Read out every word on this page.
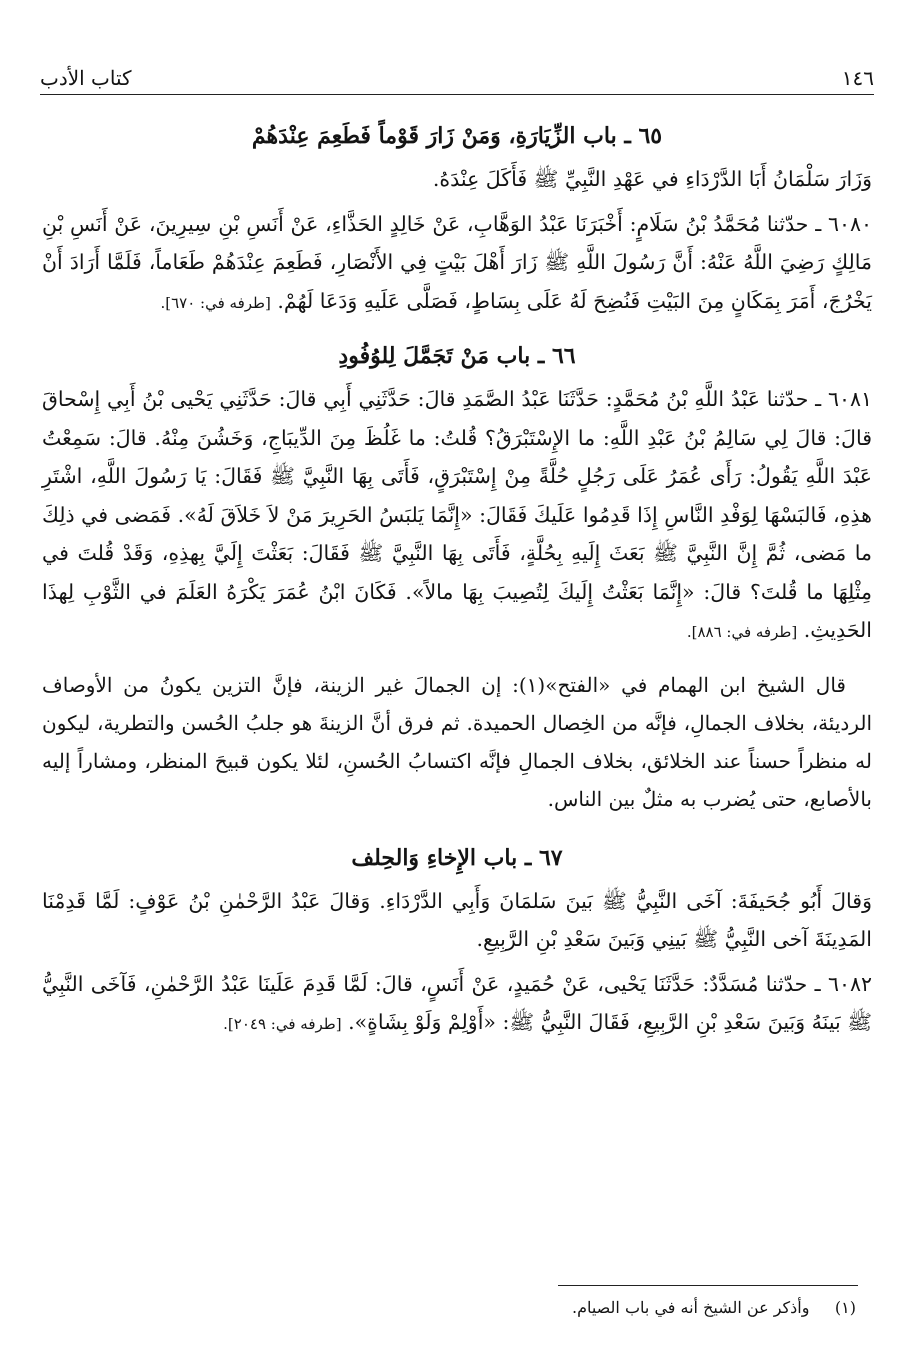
١٤٦
كتاب الأدب
٦٥ ـ باب الزِّيَارَةِ، وَمَنْ زَارَ قَوْماً فَطَعِمَ عِنْدَهُمْ

وَزَارَ سَلْمَانُ أَبَا الدَّرْدَاءِ في عَهْدِ النَّبِيِّ ﷺ فَأَكَلَ عِنْدَهُ.

٦٠٨٠ ـ حدّثنا مُحَمَّدُ بْنُ سَلَامٍ: أَخْبَرَنَا عَبْدُ الوَهَّابِ، عَنْ خَالِدٍ الحَذَّاءِ، عَنْ أَنَسِ بْنِ سِيرِينَ، عَنْ أَنَسِ بْنِ مَالِكٍ رَضِيَ اللَّهُ عَنْهُ: أَنَّ رَسُولَ اللَّهِ ﷺ زَارَ أَهْلَ بَيْتٍ فِي الأَنْصَارِ، فَطَعِمَ عِنْدَهُمْ طَعَاماً، فَلَمَّا أَرَادَ أَنْ يَخْرُجَ، أَمَرَ بِمَكَانٍ مِنَ البَيْتِ فَنُضِحَ لَهُ عَلَى بِسَاطٍ، فَصَلَّى عَلَيهِ وَدَعَا لَهُمْ. [طرفه في: ٦٧٠].

٦٦ ـ باب مَنْ تَجَمَّلَ لِلوُفُودِ

٦٠٨١ ـ حدّثنا عَبْدُ اللَّهِ بْنُ مُحَمَّدٍ: حَدَّثَنَا عَبْدُ الصَّمَدِ قالَ: حَدَّثَنِي أَبِي قالَ: حَدَّثَنِي يَحْيى بْنُ أَبِي إِسْحاقَ قالَ: قالَ لِي سَالِمُ بْنُ عَبْدِ اللَّهِ: ما الإِسْتَبْرَقُ؟ قُلتُ: ما غَلُظَ مِنَ الدِّيبَاجِ، وَخَشُنَ مِنْهُ. قالَ: سَمِعْتُ عَبْدَ اللَّهِ يَقُولُ: رَأَى عُمَرُ عَلَى رَجُلٍ حُلَّةً مِنْ إِسْتَبْرَقٍ، فَأَتَى بِهَا النَّبِيَّ ﷺ فَقَالَ: يَا رَسُولَ اللَّهِ، اشْتَرِ هذِهِ، فَالبَسْهَا لِوَفْدِ النَّاسِ إِذَا قَدِمُوا عَلَيكَ فَقَالَ: «إِنَّمَا يَلبَسُ الحَرِيرَ مَنْ لاَ خَلاَقَ لَهُ». فَمَضى في ذلِكَ ما مَضى، ثُمَّ إِنَّ النَّبِيَّ ﷺ بَعَثَ إِلَيهِ بِحُلَّةٍ، فَأَتَى بِهَا النَّبِيَّ ﷺ فَقَالَ: بَعَثْتَ إِلَيَّ بِهذِهِ، وَقَدْ قُلتَ في مِثْلِهَا ما قُلتَ؟ قالَ: «إِنَّمَا بَعَثْتُ إِلَيكَ لِتُصِيبَ بِهَا مالاً». فَكَانَ ابْنُ عُمَرَ يَكْرَهُ العَلَمَ في الثَّوْبِ لِهذَا الحَدِيثِ. [طرفه في: ٨٨٦].

قال الشيخ ابن الهمام في «الفتح»(١): إن الجمالَ غير الزينة، فإنَّ التزين يكونُ من الأوصاف الرديئة، بخلاف الجمالِ، فإنَّه من الخِصال الحميدة. ثم فرق أنَّ الزينةَ هو جلبُ الحُسن والتطرية، ليكون له منظراً حسناً عند الخلائق، بخلاف الجمالِ فإنَّه اكتسابُ الحُسنِ، لئلا يكون قبيحَ المنظر، ومشاراً إليه بالأصابع، حتى يُضرب به مثلٌ بين الناس.

٦٧ ـ باب الإِخاءِ وَالحِلف

وَقالَ أَبُو جُحَيفَةَ: آخَى النَّبِيُّ ﷺ بَينَ سَلمَانَ وَأَبِي الدَّرْدَاءِ. وَقالَ عَبْدُ الرَّحْمٰنِ بْنُ عَوْفٍ: لَمَّا قَدِمْنَا المَدِينَةَ آخى النَّبِيُّ ﷺ بَينِي وَبَينَ سَعْدِ بْنِ الرَّبِيعِ.

٦٠٨٢ ـ حدّثنا مُسَدَّدٌ: حَدَّثَنَا يَحْيى، عَنْ حُمَيدٍ، عَنْ أَنَسٍ، قالَ: لَمَّا قَدِمَ عَلَينَا عَبْدُ الرَّحْمٰنِ، فَآخَى النَّبِيُّ ﷺ بَينَهُ وَبَينَ سَعْدِ بْنِ الرَّبِيعِ، فَقَالَ النَّبِيُّ ﷺ: «أَوْلِمْ وَلَوْ بِشَاةٍ». [طرفه في: ٢٠٤٩].

(١)     وأذكر عن الشيخ أنه في باب الصيام.
